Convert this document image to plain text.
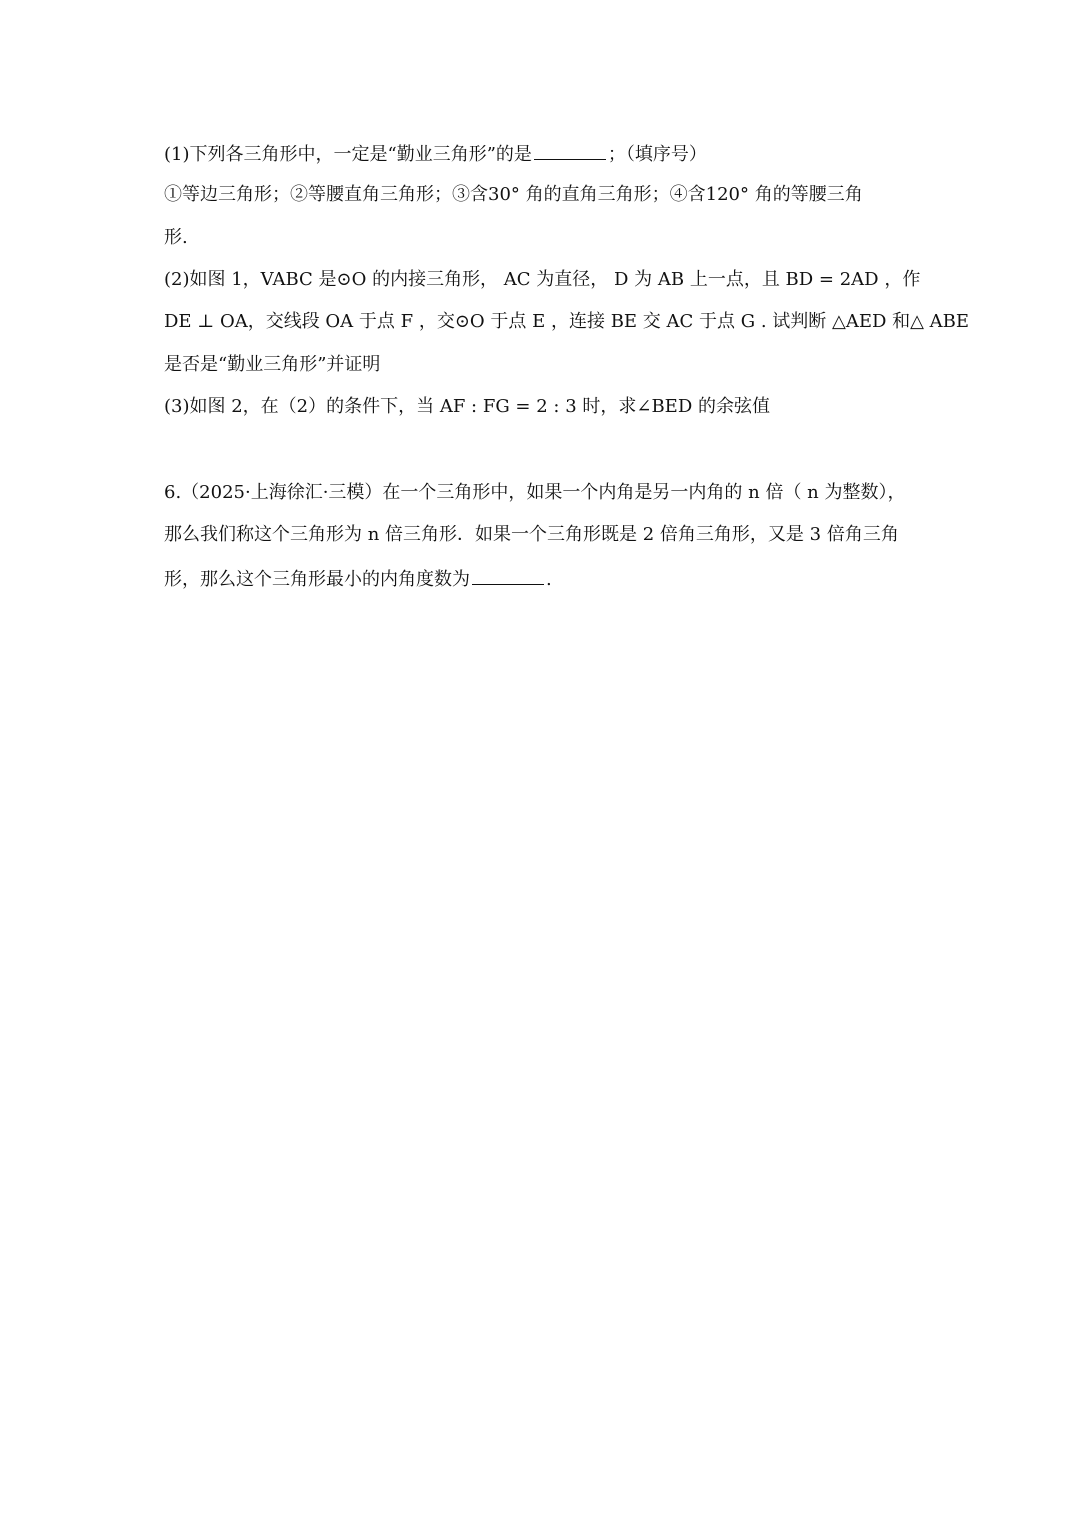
(1)下列各三角形中，一定是“勤业三角形”的是	；（填序号）
①等边三角形；②等腰直角三角形；③含30° 角的直角三角形；④含120° 角的等腰三角
形.
(2)如图 1，VABC 是⊙O 的内接三角形， AC 为直径， D 为 AB 上一点，且 BD = 2AD ，作
DE ⊥ OA，交线段 OA 于点 F ，交⊙O 于点 E ，连接 BE 交 AC 于点 G . 试判断 △AED 和△ ABE
是否是“勤业三角形”并证明
(3)如图 2，在（2）的条件下，当 AF : FG = 2 : 3 时，求∠BED 的余弦值
6.（2025·上海徐汇·三模）在一个三角形中，如果一个内角是另一内角的 n 倍（ n 为整数），
那么我们称这个三角形为 n 倍三角形．如果一个三角形既是 2 倍角三角形，又是 3 倍角三角
形，那么这个三角形最小的内角度数为	.
